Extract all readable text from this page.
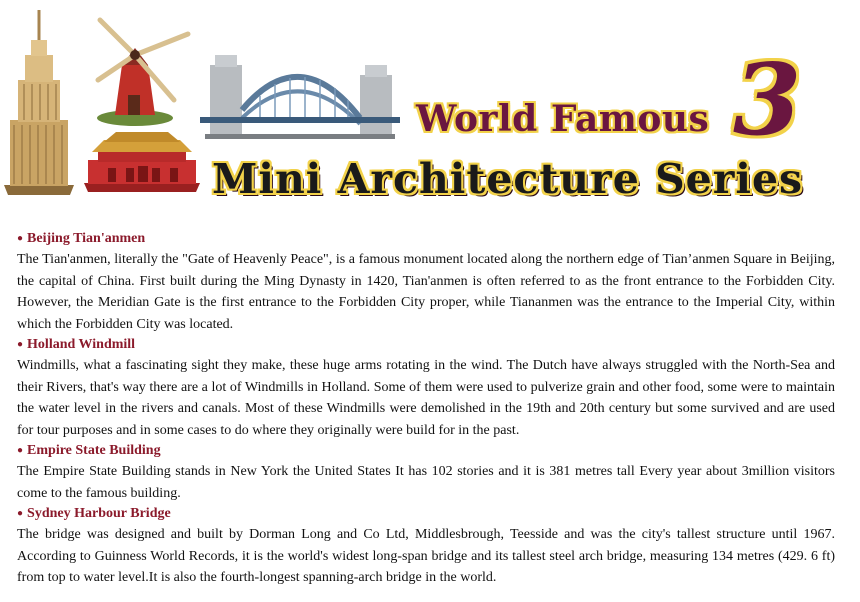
World Famous 3
Mini Architecture Series
● Beijing Tian'anmen

The Tian'anmen, literally the "Gate of Heavenly Peace", is a famous monument located along the northern edge of Tian’anmen Square in Beijing, the capital of China. First built during the Ming Dynasty in 1420, Tian'anmen is often referred to as the front entrance to the Forbidden City. However, the Meridian Gate is the first entrance to the Forbidden City proper, while Tiananmen was the entrance to the Imperial City, within which the Forbidden City was located.

● Holland Windmill

Windmills, what a fascinating sight they make, these huge arms rotating in the wind. The Dutch have always struggled with the North-Sea and their Rivers, that's way there are a lot of Windmills in Holland. Some of them were used to pulverize grain and other food, some were to maintain the water level in the rivers and canals. Most of these Windmills were demolished in the 19th and 20th century but some survived and are used for tour purposes and in some cases to do where they originally were build for in the past.

● Empire State Building

The Empire State Building stands in New York the United States It has 102 stories and it is 381 metres tall Every year about 3million visitors come to the famous building.

● Sydney Harbour Bridge

The bridge was designed and built by Dorman Long and Co Ltd, Middlesbrough, Teesside and was the city's tallest structure until 1967. According to Guinness World Records, it is the world's widest long-span bridge and its tallest steel arch bridge, measuring 134 metres (429. 6 ft) from top to water level.It is also the fourth-longest spanning-arch bridge in the world.
